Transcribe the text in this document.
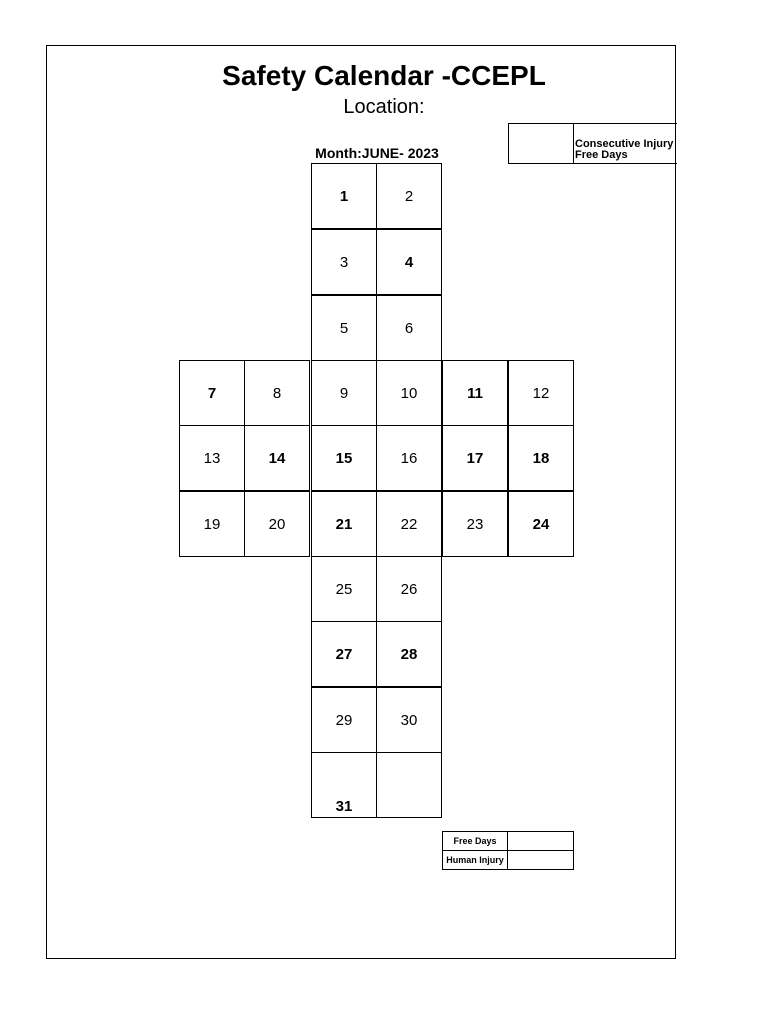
Safety Calendar -CCEPL
Location:
Month:JUNE- 2023
Consecutive Injury Free Days
1	2
3	4
5	6
7	8	9	10	11	12
13	14	15	16	17	18
19	20	21	22	23	24
25	26
27	28
29	30
31
Free Days
Human Injury
